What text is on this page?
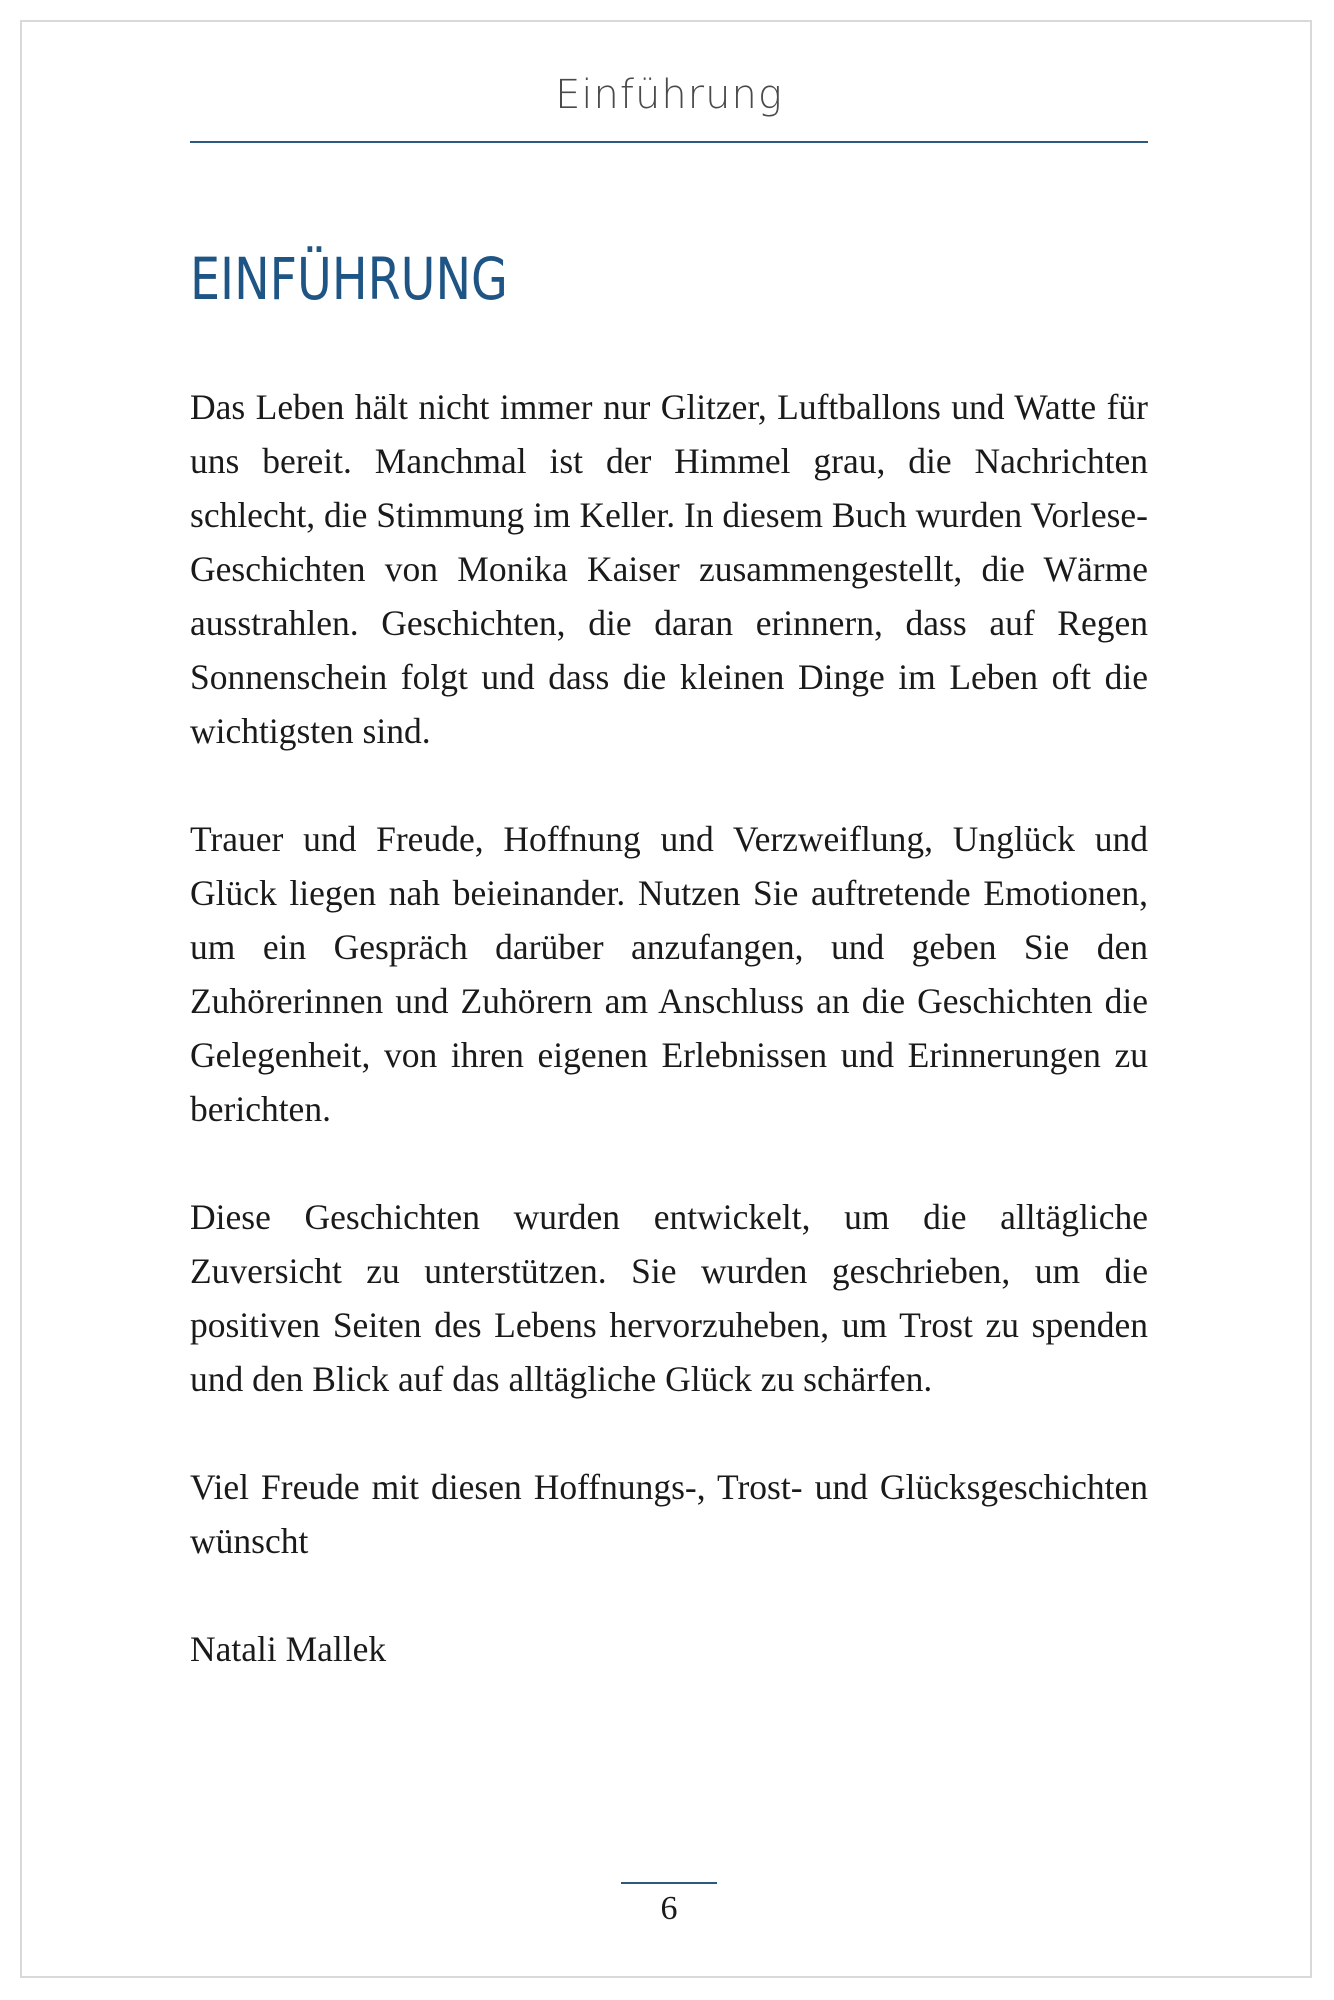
Einführung
EINFÜHRUNG

Das Leben hält nicht immer nur Glitzer, Luftballons und Watte für uns bereit. Manchmal ist der Himmel grau, die Nachrichten schlecht, die Stimmung im Keller. In diesem Buch wurden Vorlese-Geschichten von Monika Kaiser zusammengestellt, die Wärme ausstrahlen. Geschichten, die daran erinnern, dass auf Regen Sonnenschein folgt und dass die kleinen Dinge im Leben oft die wichtigsten sind.

Trauer und Freude, Hoffnung und Verzweiflung, Unglück und Glück liegen nah beieinander. Nutzen Sie auftretende Emotionen, um ein Gespräch darüber anzufangen, und geben Sie den Zuhörerinnen und Zuhörern am Anschluss an die Geschichten die Gelegenheit, von ihren eigenen Erlebnissen und Erinnerungen zu berichten.

Diese Geschichten wurden entwickelt, um die alltägliche Zuversicht zu unterstützen. Sie wurden geschrieben, um die positiven Seiten des Lebens hervorzuheben, um Trost zu spenden und den Blick auf das alltägliche Glück zu schärfen.

Viel Freude mit diesen Hoffnungs-, Trost- und Glücksgeschichten wünscht

Natali Mallek

6
